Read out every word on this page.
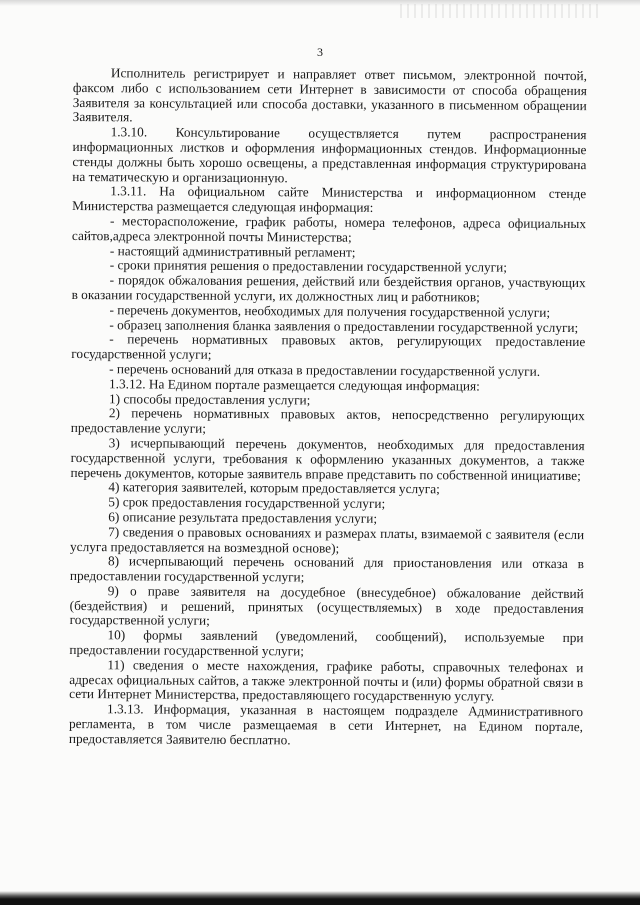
3

Исполнитель регистрирует и направляет ответ письмом, электронной почтой, факсом либо с использованием сети Интернет в зависимости от способа обращения Заявителя за консультацией или способа доставки, указанного в письменном обращении Заявителя.

1.3.10. Консультирование осуществляется путем распространения информационных листков и оформления информационных стендов. Информационные стенды должны быть хорошо освещены, а представленная информация структурирована на тематическую и организационную.

1.3.11. На официальном сайте Министерства и информационном стенде Министерства размещается следующая информация:

- месторасположение, график работы, номера телефонов, адреса официальных сайтов,адреса электронной почты Министерства;

- настоящий административный регламент;

- сроки принятия решения о предоставлении государственной услуги;

- порядок обжалования решения, действий или бездействия органов, участвующих в оказании государственной услуги, их должностных лиц и работников;

- перечень документов, необходимых для получения государственной услуги;

- образец заполнения бланка заявления о предоставлении государственной услуги;

- перечень нормативных правовых актов, регулирующих предоставление государственной услуги;

- перечень оснований для отказа в предоставлении государственной услуги.

1.3.12. На Едином портале размещается следующая информация:

1) способы предоставления услуги;

2) перечень нормативных правовых актов, непосредственно регулирующих предоставление услуги;

3) исчерпывающий перечень документов, необходимых для предоставления государственной услуги, требования к оформлению указанных документов, а также перечень документов, которые заявитель вправе представить по собственной инициативе;

4) категория заявителей, которым предоставляется услуга;

5) срок предоставления государственной услуги;

6) описание результата предоставления услуги;

7) сведения о правовых основаниях и размерах платы, взимаемой с заявителя (если услуга предоставляется на возмездной основе);

8) исчерпывающий перечень оснований для приостановления или отказа в предоставлении государственной услуги;

9) о праве заявителя на досудебное (внесудебное) обжалование действий (бездействия) и решений, принятых (осуществляемых) в ходе предоставления государственной услуги;

10) формы заявлений (уведомлений, сообщений), используемые при предоставлении государственной услуги;

11) сведения о месте нахождения, графике работы, справочных телефонах и адресах официальных сайтов, а также электронной почты и (или) формы обратной связи в сети Интернет Министерства, предоставляющего государственную услугу.

1.3.13. Информация, указанная в настоящем подразделе Административного регламента, в том числе размещаемая в сети Интернет, на Едином портале, предоставляется Заявителю бесплатно.
